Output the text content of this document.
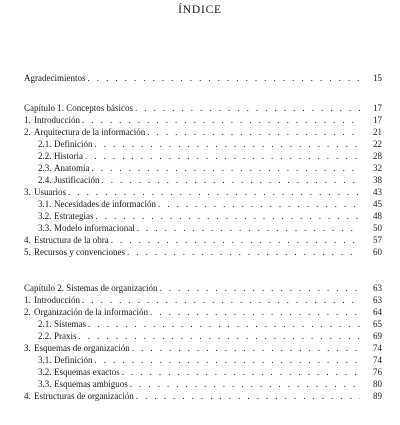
ÍNDICE
Agradecimientos . . .	15
Capítulo 1. Conceptos básicos . . .	17
1. Introducción . . .	17
2. Arquitectura de la información . . .	21
2.1. Definición . . .	22
2.2. Historia . . .	28
2.3. Anatomía . . .	32
2.4. Justificación . . .	38
3. Usuarios . . .	43
3.1. Necesidades de información . . .	45
3.2. Estrategias . . .	48
3.3. Modelo informacional . . .	50
4. Estructura de la obra . . .	57
5. Recursos y convenciones . . .	60
Capítulo 2. Sistemas de organización . . .	63
1. Introducción . . .	63
2. Organización de la información . . .	64
2.1. Sistemas . . .	65
2.2. Praxis . . .	69
3. Esquemas de organización . . .	74
3.1. Definición . . .	74
3.2. Esquemas exactos . . .	76
3.3. Esquemas ambiguos . . .	80
4. Estructuras de organización . . .	89
